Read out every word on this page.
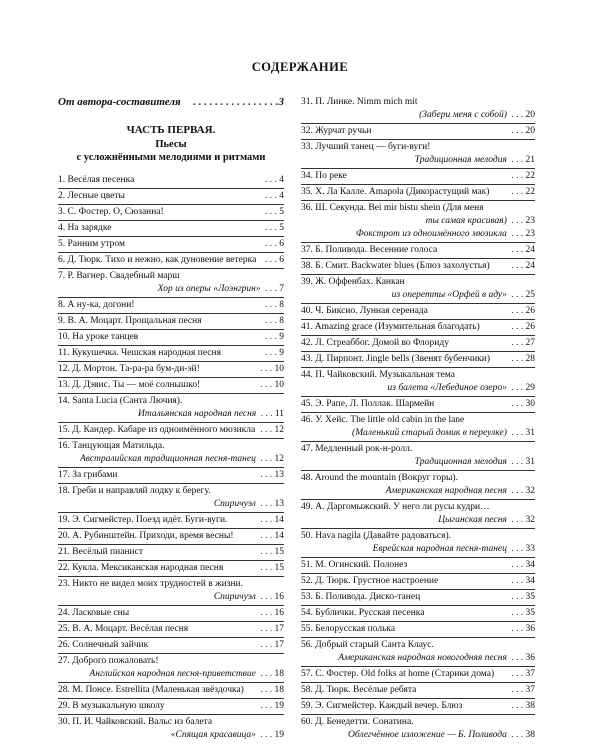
СОДЕРЖАНИЕ
От автора-составителя . . . . . . . . . . . . . . . .3
ЧАСТЬ ПЕРВАЯ.
Пьесы
с усложнёнными мелодиями и ритмами
1. Весёлая песенка	. . . 4
2. Лесные цветы	. . . 4
3. С. Фостер. О, Сюзанна!	. . . 5
4. На зарядке	. . . 5
5. Ранним утром	. . . 6
6. Д. Тюрк. Тихо и нежно, как дуновение ветерка . . . 6
7. Р. Вагнер. Свадебный марш
Хор из оперы «Лоэнгрин» . . . 7
8. А ну-ка, догони!	. . . 8
9. В. А. Моцарт. Прощальная песня	. . . 8
10. На уроке танцев	. . . 9
11. Кукушечка. Чешская народная песня	. . . 9
12. Д. Мортон. Та-ра-ра бум-ди-эй!	. . . 10
13. Д. Дэвис. Ты — моё солнышко!	. . . 10
14. Santa Lucia (Санта Лючия).
Итальянская народная песня . . . 11
15. Д. Кандер. Кабаре из одноимённого мюзикла . . . 12
16. Танцующая Матильда.
Австралийская традиционная песня-танец . . . 12
17. За грибами	. . . 13
18. Греби и направляй лодку к берегу.
Спиричуэл . . . 13
19. Э. Сигмейстер. Поезд идёт. Буги-вуги.	. . . 14
20. А. Рубинштейн. Приходи, время весны!	. . . 14
21. Весёлый пианист	. . . 15
22. Кукла. Мексиканская народная песня	. . . 15
23. Никто не видел моих трудностей в жизни.
Спиричуэл . . . 16
24. Ласковые сны	. . . 16
25. В. А. Моцарт. Весёлая песня	. . . 17
26. Солнечный зайчик	. . . 17
27. Доброго пожаловать!
Английская народная песня-приветствие . . . 18
28. М. Понсе. Estrellita (Маленькая звёздочка) . . . 18
29. В музыкальную школу	. . . 19
30. П. И. Чайковский. Вальс из балета
«Спящая красавица» . . . 19
31. П. Линке. Nimm mich mit
(Забери меня с собой) . . . 20
32. Журчат ручьи	. . . 20
33. Лучший танец — буги-вуги!
Традиционная мелодия . . . 21
34. По реке	. . . 22
35. Х. Ла Калле. Amapola (Дикорастущий мак) . . . 22
36. Ш. Секунда. Bei mir bistu shein (Для меня
ты самая красивая) . . . 23
Фокстрот из одноимённого мюзикла . . . 23
37. Б. Поливода. Весенние голоса	. . . 24
38. Б. Смит. Backwater blues (Блюз захолустья) . . . 24
39. Ж. Оффенбах. Канкан
из оперетты «Орфей в аду» . . . 25
40. Ч. Биксио. Лунная серенада	. . . 26
41. Amazing grace (Изумительная благодать)	. . . 26
42. Л. Стреаббог. Домой во Флориду	. . . 27
43. Д. Пирпонт. Jingle bells (Звенят бубенчики) . . . 28
44. П. Чайковский. Музыкальная тема
из балета «Лебединое озеро» . . . 29
45. Э. Рапе, Л. Поллак. Шармейн	. . . 30
46. У. Хейс. The little old cabin in the lane
(Маленький старый домик в переулке) . . . 31
47. Медленный рок-н-ролл.
Традиционная мелодия . . . 31
48. Around the mountain (Вокруг горы).
Американская народная песня . . . 32
49. А. Даргомыжский. У него ли русы кудри…
Цыганская песня . . . 32
50. Hava nagila (Давайте радоваться).
Еврейская народная песня-танец . . . 33
51. М. Огинский. Полонез	. . . 34
52. Д. Тюрк. Грустное настроение	. . . 34
53. Б. Поливода. Диско-танец	. . . 35
54. Бублички. Русская песенка	. . . 35
55. Белорусская полька	. . . 36
56. Добрый старый Санта Клаус.
Американская народная новогодняя песня . . . 36
57. С. Фостер. Old folks at home (Старики дома) . . . 37
58. Д. Тюрк. Весёлые ребята	. . . 37
59. Э. Сигмейстер. Каждый вечер. Блюз	. . . 38
60. Д. Бенедетти. Сонатина.
Облегчённое изложение — Б. Поливода . . . 38
